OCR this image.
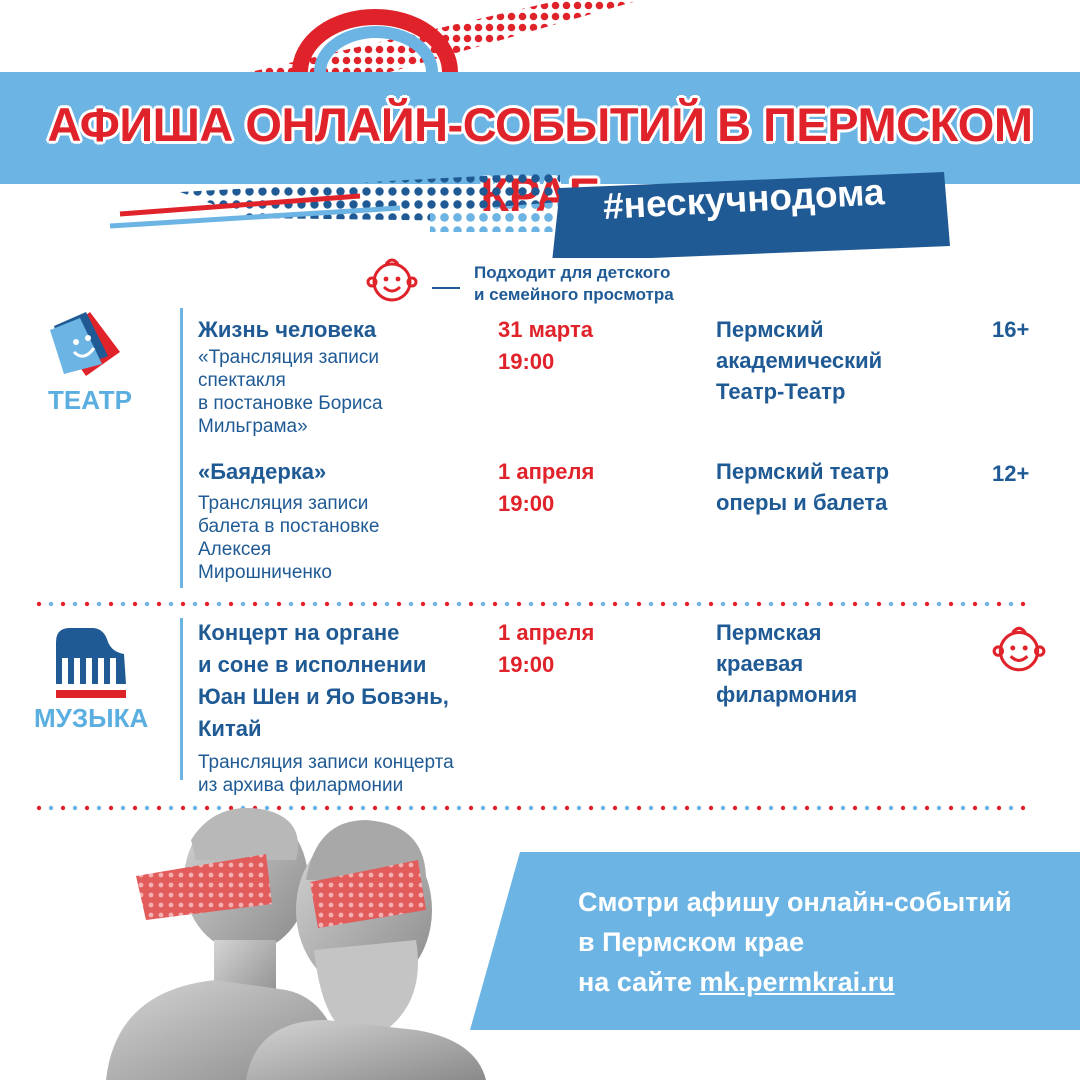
АФИША ОНЛАЙН-СОБЫТИЙ В ПЕРМСКОМ
#нескучнодома
Подходит для детского
и семейного просмотра
ТЕАТР
Жизнь человека
«Трансляция записи
спектакля
в постановке Бориса
Мильграма»
31 марта
19:00
Пермский
академический
Театр-Театр
16+
«Баядерка»
Трансляция записи
балета в постановке
Алексея
Мирошниченко
1 апреля
19:00
Пермский театр
оперы и балета
12+
МУЗЫКА
Концерт на органе
и соне в исполнении
Юан Шен и Яо Бовэнь,
Китай
Трансляция записи концерта
из архива филармонии
1 апреля
19:00
Пермская
краевая
филармония
Смотри афишу онлайн-событий
в Пермском крае
на сайте mk.permkrai.ru
